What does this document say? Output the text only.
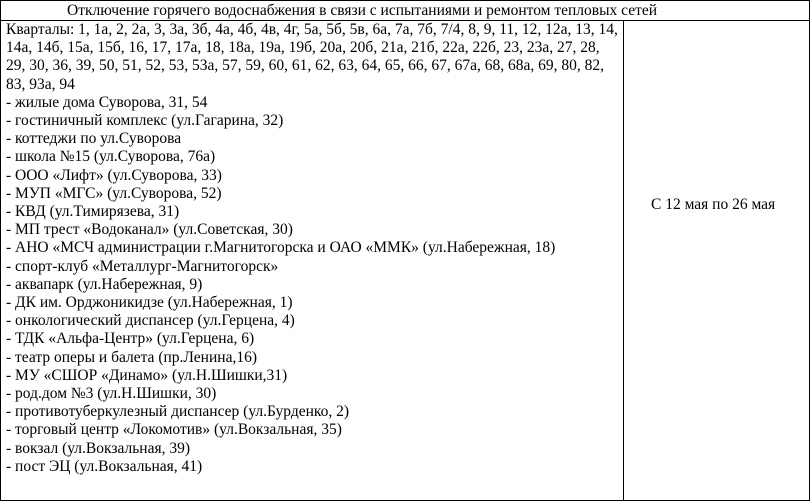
Отключение горячего водоснабжения в связи с испытаниями и ремонтом тепловых сетей

Кварталы: 1, 1а, 2, 2а, 3, 3а, 3б, 4а, 4б, 4в, 4г, 5а, 5б, 5в, 6а, 7а, 7б, 7/4, 8, 9, 11, 12, 12а, 13, 14, 14а, 14б, 15а, 15б, 16, 17, 17а, 18, 18а, 19а, 19б, 20а, 20б, 21а, 21б, 22а, 22б, 23, 23а, 27, 28, 29, 30, 36, 39, 50, 51, 52, 53, 53а, 57, 59, 60, 61, 62, 63, 64, 65, 66, 67, 67а, 68, 68а, 69, 80, 82, 83, 93а, 94

- жилые дома Суворова, 31, 54

- гостиничный комплекс (ул.Гагарина, 32)

- коттеджи по ул.Суворова

- школа №15 (ул.Суворова, 76а)

- ООО «Лифт» (ул.Суворова, 33)

- МУП «МГС» (ул.Суворова, 52)

- КВД (ул.Тимирязева, 31)

- МП трест «Водоканал» (ул.Советская, 30)

- АНО «МСЧ администрации г.Магнитогорска и ОАО «ММК» (ул.Набережная, 18)

- спорт-клуб «Металлург-Магнитогорск»

- аквапарк (ул.Набережная, 9)

- ДК им. Орджоникидзе (ул.Набережная, 1)

- онкологический диспансер (ул.Герцена, 4)

- ТДК «Альфа-Центр» (ул.Герцена, 6)

- театр оперы и балета (пр.Ленина,16)

- МУ «СШОР «Динамо» (ул.Н.Шишки,31)

- род.дом №3 (ул.Н.Шишки, 30)

- противотуберкулезный диспансер (ул.Бурденко, 2)

- торговый центр «Локомотив» (ул.Вокзальная, 35)

- вокзал (ул.Вокзальная, 39)

- пост ЭЦ (ул.Вокзальная, 41)

С 12 мая по 26 мая
